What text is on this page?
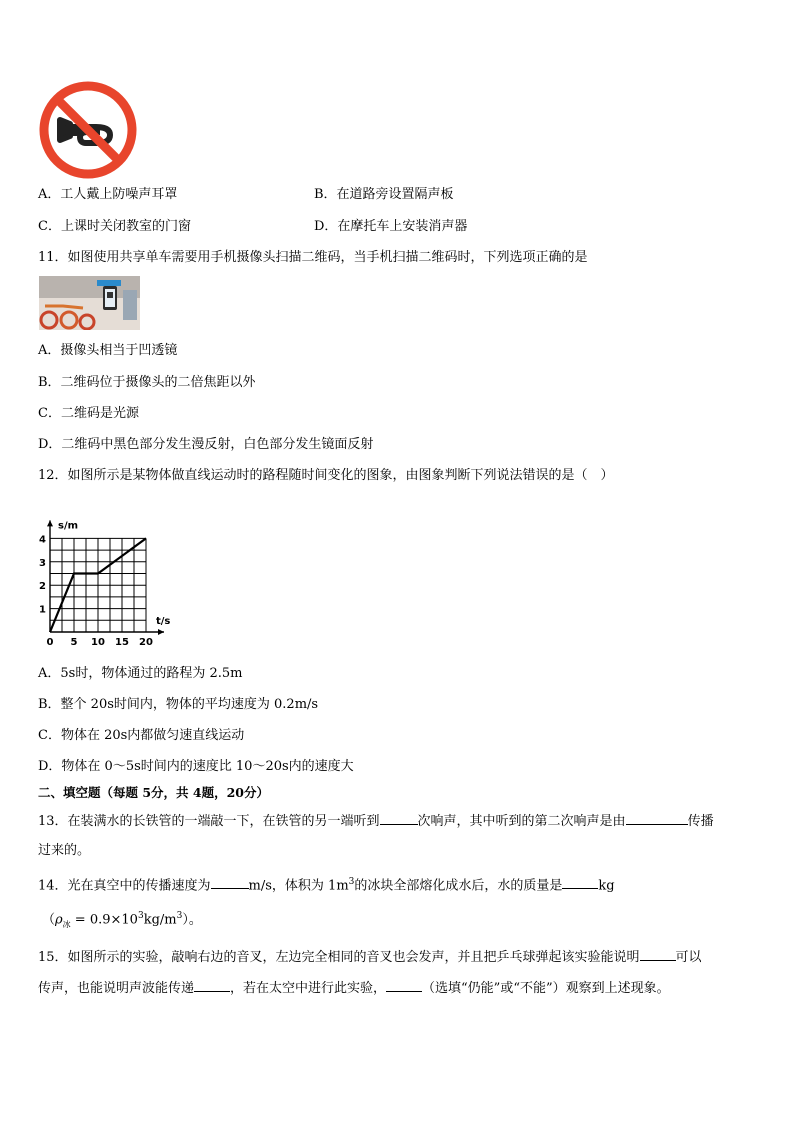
A．工人戴上防噪声耳罩	B．在道路旁设置隔声板
C．上课时关闭教室的门窗	D．在摩托车上安装消声器
11．如图使用共享单车需要用手机摄像头扫描二维码，当手机扫描二维码时，下列选项正确的是
A．摄像头相当于凹透镜
B．二维码位于摄像头的二倍焦距以外
C．二维码是光源
D．二维码中黑色部分发生漫反射，白色部分发生镜面反射
12．如图所示是某物体做直线运动时的路程随时间变化的图象，由图象判断下列说法错误的是（　）
0 5 10 15 20
1
2
3
4
s/m
t/s
A．5s时，物体通过的路程为 2.5m
B．整个 20s时间内，物体的平均速度为 0.2m/s
C．物体在 20s内都做匀速直线运动
D．物体在 0～5s时间内的速度比 10～20s内的速度大
二、填空题（每题 5分，共 4题，20分）
13．在装满水的长铁管的一端敲一下，在铁管的另一端听到	次响声，其中听到的第二次响声是由	传播
过来的。
14．光在真空中的传播速度为	m/s，体积为 $1m^3$的冰块全部熔化成水后，水的质量是	kg
$(\rho_冰 = 0.9\times 10^3kg/m^3)$。
15．如图所示的实验，敲响右边的音叉，左边完全相同的音叉也会发声，并且把乒乓球弹起该实验能说明	可以
传声，也能说明声波能传递	，若在太空中进行此实验，	（选填“仍能”或“不能”）观察到上述现象。
